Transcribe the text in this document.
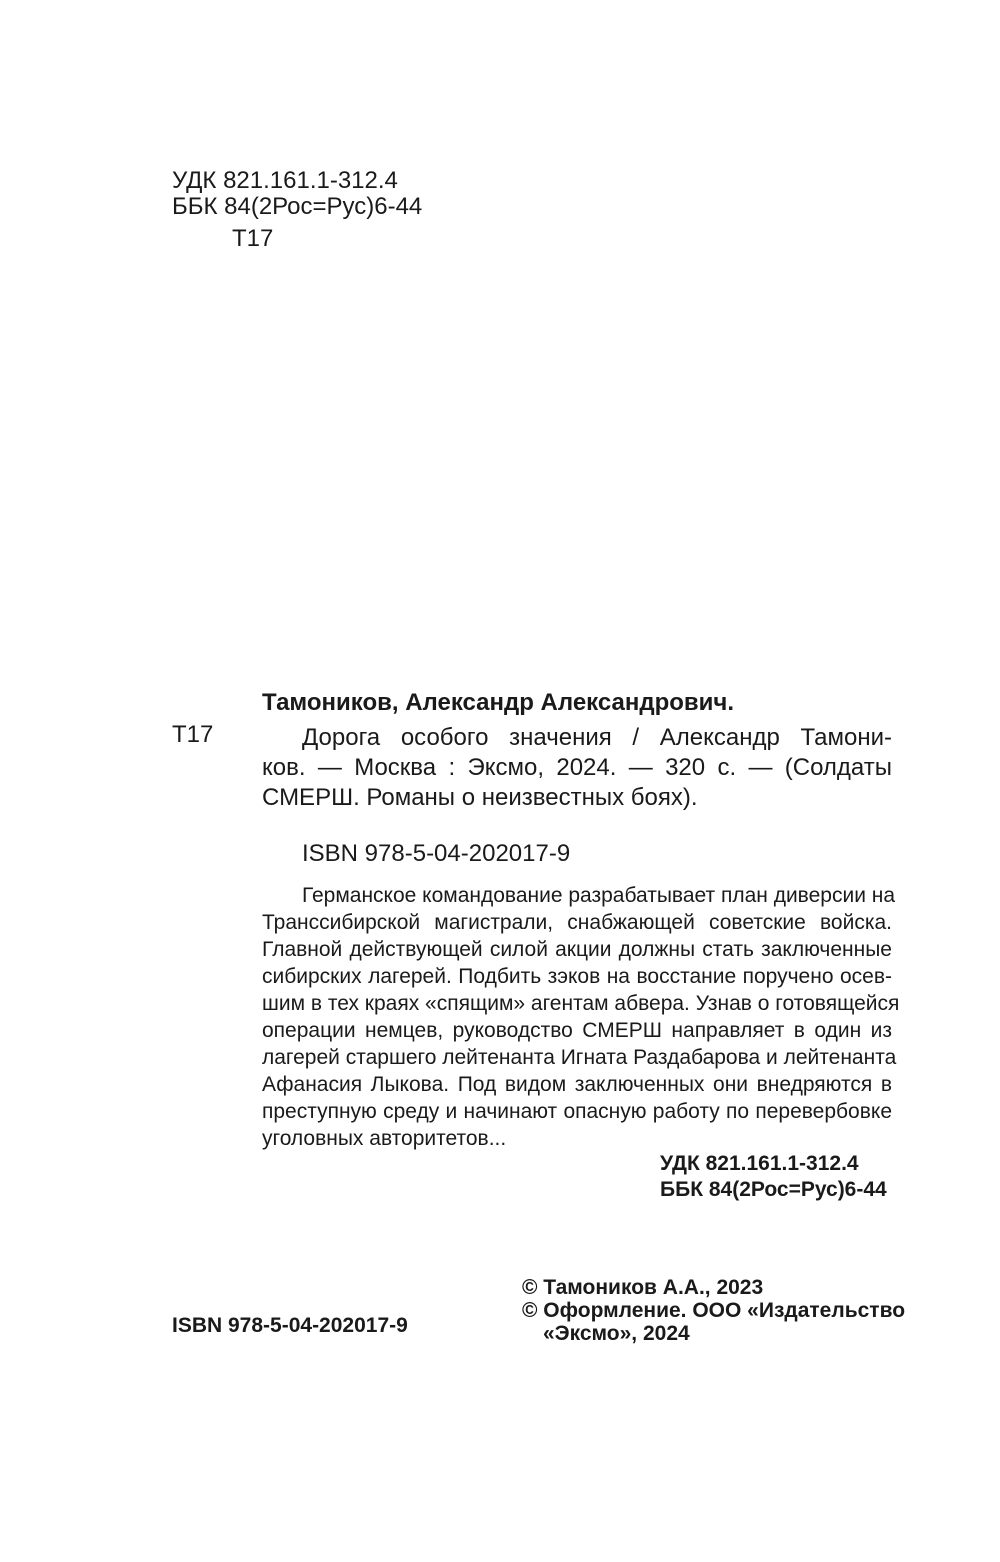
УДК 821.161.1-312.4

ББК 84(2Рос=Рус)6-44

Т17

Т17

Тамоников, Александр Александрович.

Дорога особого значения / Александр Тамони-
ков. — Москва : Эксмо, 2024. — 320 с. — (Солдаты
СМЕРШ. Романы о неизвестных боях).

ISBN 978-5-04-202017-9

Германское командование разрабатывает план диверсии на
Транссибирской магистрали, снабжающей советские войска.
Главной действующей силой акции должны стать заключенные
сибирских лагерей. Подбить зэков на восстание поручено осев-
шим в тех краях «спящим» агентам абвера. Узнав о готовящейся
операции немцев, руководство СМЕРШ направляет в один из
лагерей старшего лейтенанта Игната Раздабарова и лейтенанта
Афанасия Лыкова. Под видом заключенных они внедряются в
преступную среду и начинают опасную работу по перевербовке
уголовных авторитетов...

УДК 821.161.1-312.4

ББК 84(2Рос=Рус)6-44

ISBN 978-5-04-202017-9

© Тамоников А.А., 2023

© Оформление. ООО «Издательство

«Эксмо», 2024
